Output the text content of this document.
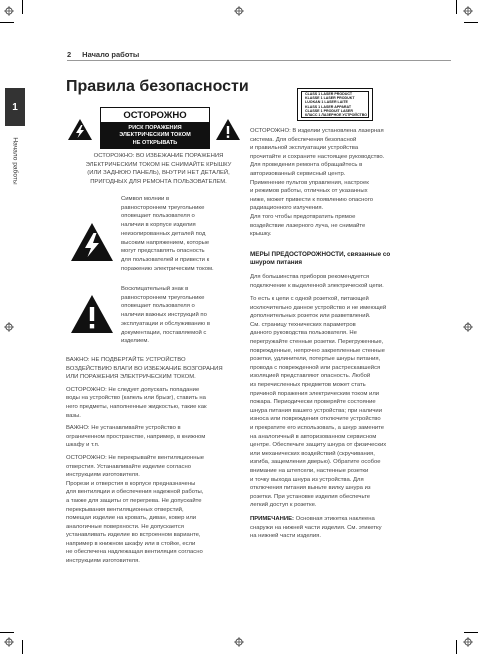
1
Начало работы
2 Начало работы
Правила безопасности
ОСТОРОЖНО
РИСК ПОРАЖЕНИЯ
ЭЛЕКТРИЧЕСКИМ ТОКОМ
НЕ ОТКРЫВАТЬ
ОСТОРОЖНО: ВО ИЗБЕЖАНИЕ ПОРАЖЕНИЯ
ЭЛЕКТРИЧЕСКИМ ТОКОМ НЕ СНИМАЙТЕ КРЫШКУ
(ИЛИ ЗАДНЮЮ ПАНЕЛЬ), ВНУТРИ НЕТ ДЕТАЛЕЙ,
ПРИГОДНЫХ ДЛЯ РЕМОНТА ПОЛЬЗОВАТЕЛЕМ.
Символ молнии в
равностороннем треугольнике
оповещает пользователя о
наличии в корпусе изделия
неизолированных деталей под
высоким напряжением, которые
могут представлять опасность
для пользователей и привести к
поражению электрическим током.
Восклицательный знак в
равностороннем треугольнике
оповещает пользователя о
наличии важных инструкций по
эксплуатации и обслуживанию в
документации, поставляемой с
изделием.

ВАЖНО: НЕ ПОДВЕРГАЙТЕ УСТРОЙСТВО
ВОЗДЕЙСТВИЮ ВЛАГИ ВО ИЗБЕЖАНИЕ ВОЗГОРАНИЯ
ИЛИ ПОРАЖЕНИЯ ЭЛЕКТРИЧЕСКИМ ТОКОМ.

ОСТОРОЖНО: Не следует допускать попадание
воды на устройство (капель или брызг), ставить на
него предметы, наполненные жидкостью, такие как
вазы.

ВАЖНО: Не устанавливайте устройство в
ограниченном пространстве, например, в книжном
шкафу и т.п.

ОСТОРОЖНО: Не перекрывайте вентиляционные
отверстия. Устанавливайте изделие согласно
инструкциям изготовителя.

Прорези и отверстия в корпусе предназначены
для вентиляции и обеспечения надежной работы,
а также для защиты от перегрева. Не допускайте
перекрывания вентиляционных отверстий,
помещая изделие на кровать, диван, ковер или
аналогичные поверхности. Не допускается
устанавливать изделие во встроенном варианте,
например в книжном шкафу или в стойке, если
не обеспечена надлежащая вентиляция согласно
инструкциям изготовителя.

CLASS 1 LASER PRODUCT
KLASSE 1 LASER PRODUKT
LUOKAN 1 LASER LAITE
KLASS 1 LASER APPARAT
CLASSE 1 PRODUIT LASER
КЛАСС 1 ЛАЗЕРНОЕ УСТРОЙСТВО

ОСТОРОЖНО: В изделии установлена лазерная
система. Для обеспечения безопасной
и правильной эксплуатации устройства
прочитайте и сохраните настоящее руководство.
Для проведения ремонта обращайтесь в
авторизованный сервисный центр.
Применение пультов управления, настроек
и режимов работы, отличных от указанных
ниже, может привести к появлению опасного
радиационного излучения.
Для того чтобы предотвратить прямое
воздействие лазерного луча, не снимайте
крышку.

МЕРЫ ПРЕДОСТОРОЖНОСТИ, связанные со
шнуром питания

Для большинства приборов рекомендуется
подключение к выделенной электрической цепи.

То есть к цепи с одной розеткой, питающей
исключительно данное устройство и не имеющей
дополнительных розеток или разветвлений.
См. страницу технических параметров
данного руководства пользователя. Не
перегружайте стенные розетки. Перегруженные,
поврежденные, непрочно закрепленные стенные
розетки, удлинители, потертые шнуры питания,
провода с поврежденной или растрескавшейся
изоляцией представляют опасность. Любой
из перечисленных предметов может стать
причиной поражения электрическим током или
пожара. Периодически проверяйте состояние
шнура питания вашего устройства; при наличии
износа или повреждения отключите устройство
и прекратите его использовать, а шнур замените
на аналогичный в авторизованном сервисном
центре. Обеспечьте защиту шнура от физических
или механических воздействий (скручивания,
изгиба, защемления дверью). Обратите особое
внимание на штепсели, настенные розетки
и точку выхода шнура из устройства. Для
отключения питания выньте вилку шнура из
розетки. При установке изделия обеспечьте
легкий доступ к розетке.

ПРИМЕЧАНИЕ: Основная этикетка наклеена
снаружи на нижней части изделия. См. этикетку
на нижней части изделия.
